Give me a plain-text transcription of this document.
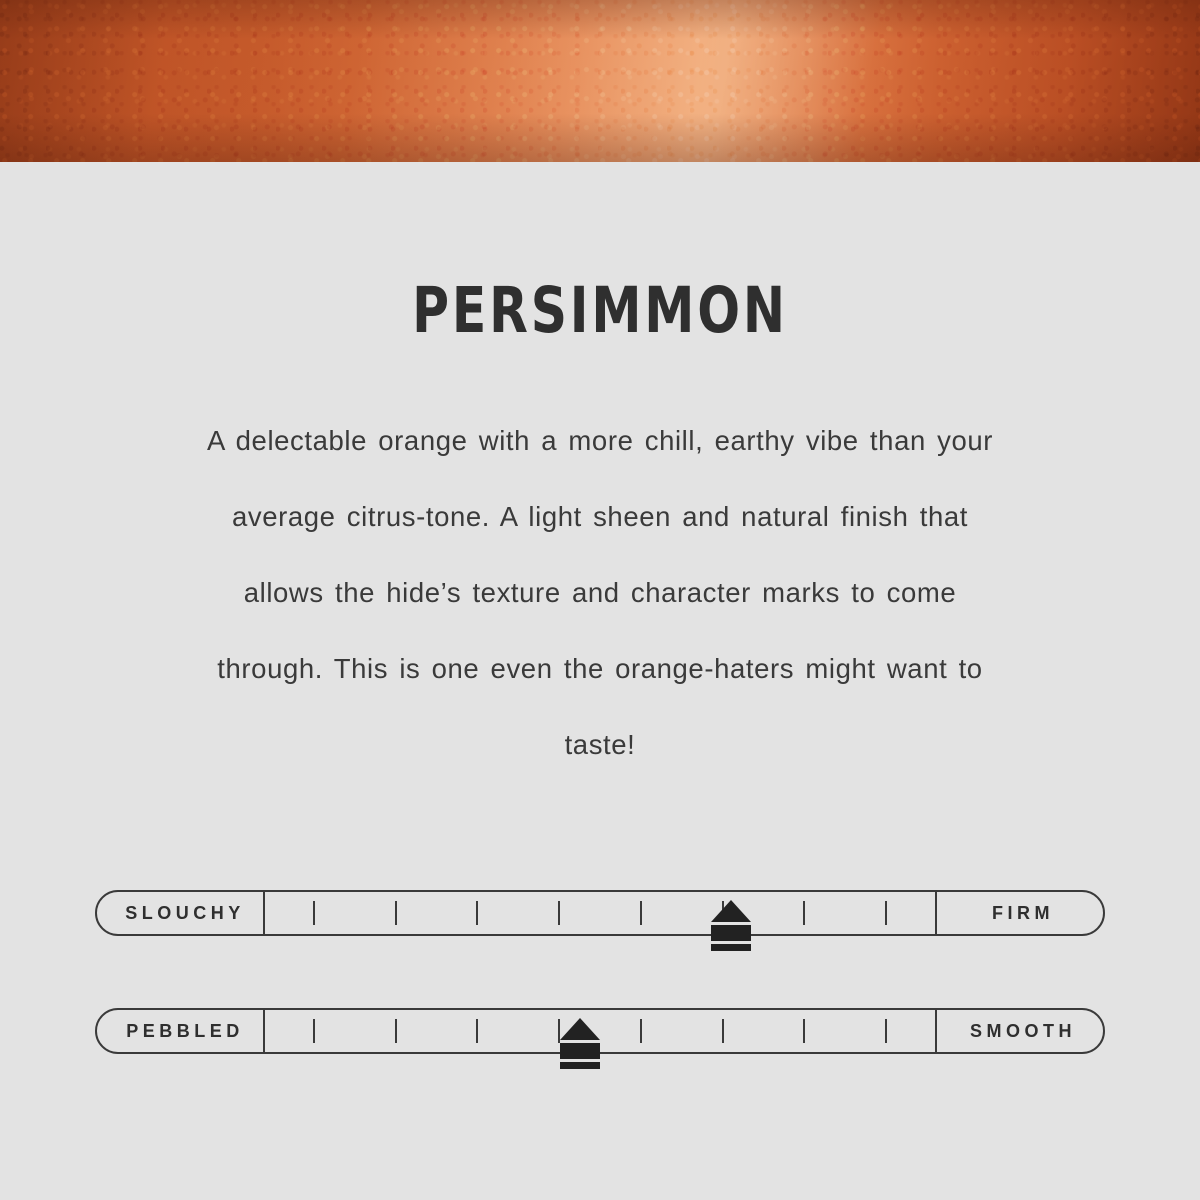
PERSIMMON

A delectable orange with a more chill, earthy vibe than your average citrus-tone. A light sheen and natural finish that allows the hide’s texture and character marks to come through. This is one even the orange-haters might want to taste!

SLOUCHY	FIRM
PEBBLED	SMOOTH
